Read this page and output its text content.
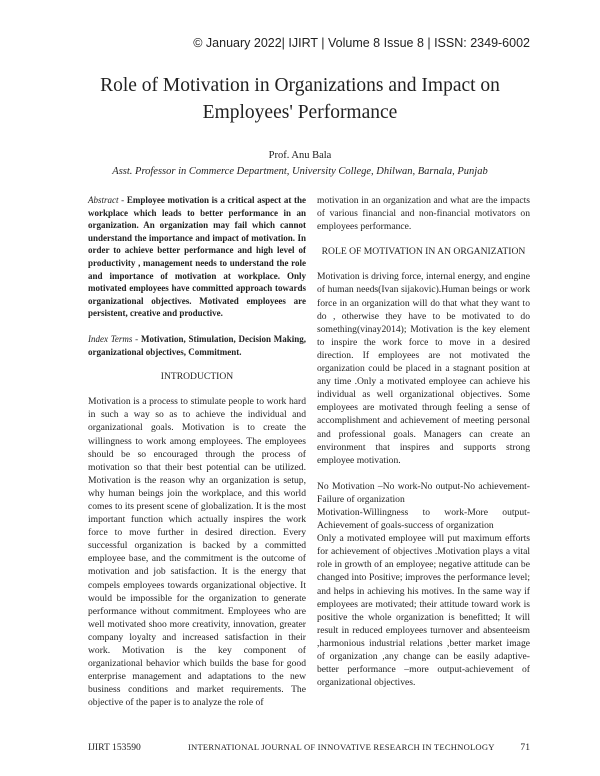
© January 2022| IJIRT | Volume 8 Issue 8 | ISSN: 2349-6002
Role of Motivation in Organizations and Impact on Employees' Performance
Prof. Anu Bala
Asst. Professor in Commerce Department, University College, Dhilwan, Barnala, Punjab

Abstract - Employee motivation is a critical aspect at the workplace which leads to better performance in an organization. An organization may fail which cannot understand the importance and impact of motivation. In order to achieve better performance and high level of productivity , management needs to understand the role and importance of motivation at workplace. Only motivated employees have committed approach towards organizational objectives. Motivated employees are persistent, creative and productive.

Index Terms - Motivation, Stimulation, Decision Making, organizational objectives, Commitment.

INTRODUCTION

Motivation is a process to stimulate people to work hard in such a way so as to achieve the individual and organizational goals. Motivation is to create the willingness to work among employees. The employees should be so encouraged through the process of motivation so that their best potential can be utilized. Motivation is the reason why an organization is setup, why human beings join the workplace, and this world comes to its present scene of globalization. It is the most important function which actually inspires the work force to move further in desired direction. Every successful organization is backed by a committed employee base, and the commitment is the outcome of motivation and job satisfaction. It is the energy that compels employees towards organizational objective. It would be impossible for the organization to generate performance without commitment. Employees who are well motivated shoo more creativity, innovation, greater company loyalty and increased satisfaction in their work. Motivation is the key component of organizational behavior which builds the base for good enterprise management and adaptations to the new business conditions and market requirements. The objective of the paper is to analyze the role of

motivation in an organization and what are the impacts of various financial and non-financial motivators on employees performance.

ROLE OF MOTIVATION IN AN ORGANIZATION

Motivation is driving force, internal energy, and engine of human needs(Ivan sijakovic).Human beings or work force in an organization will do that what they want to do , otherwise they have to be motivated to do something(vinay2014); Motivation is the key element to inspire the work force to move in a desired direction. If employees are not motivated the organization could be placed in a stagnant position at any time .Only a motivated employee can achieve his individual as well organizational objectives. Some employees are motivated through feeling a sense of accomplishment and achievement of meeting personal and professional goals. Managers can create an environment that inspires and supports strong employee motivation.

No Motivation –No work-No output-No achievement-Failure of organization

Motivation-Willingness to work-More output-Achievement of goals-success of organization

Only a motivated employee will put maximum efforts for achievement of objectives .Motivation plays a vital role in growth of an employee; negative attitude can be changed into Positive; improves the performance level; and helps in achieving his motives. In the same way if employees are motivated; their attitude toward work is positive the whole organization is benefitted; It will result in reduced employees turnover and absenteeism ,harmonious industrial relations ,better market image of organization ,any change can be easily adaptive-better performance –more output-achievement of organizational objectives.

IJIRT 153590	INTERNATIONAL JOURNAL OF INNOVATIVE RESEARCH IN TECHNOLOGY	71
